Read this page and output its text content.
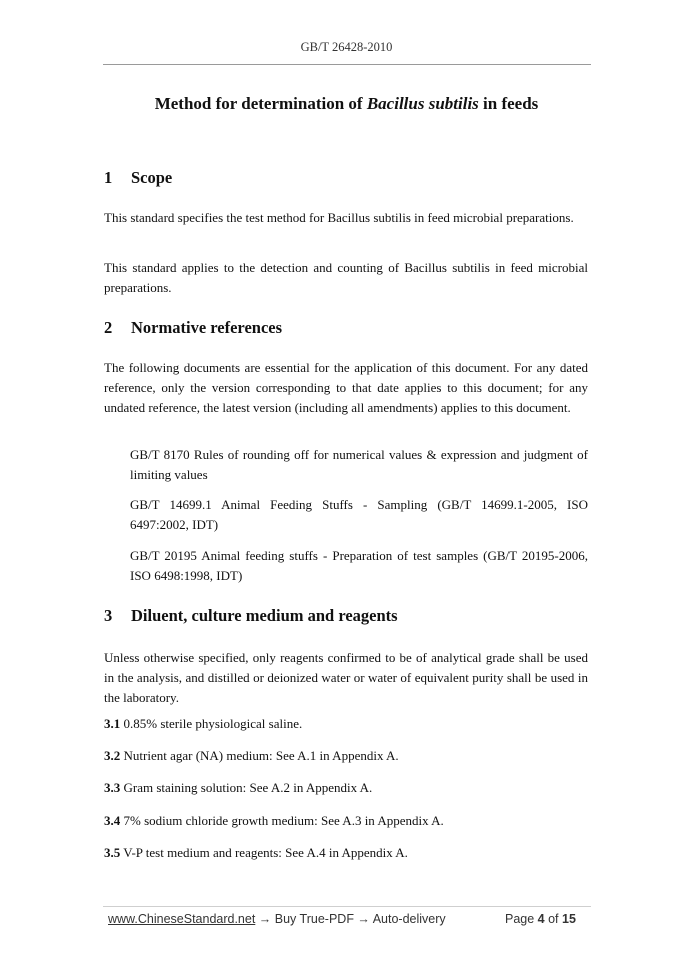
GB/T 26428-2010
Method for determination of Bacillus subtilis in feeds
1 Scope
This standard specifies the test method for Bacillus subtilis in feed microbial preparations.
This standard applies to the detection and counting of Bacillus subtilis in feed microbial preparations.
2 Normative references
The following documents are essential for the application of this document. For any dated reference, only the version corresponding to that date applies to this document; for any undated reference, the latest version (including all amendments) applies to this document.
GB/T 8170 Rules of rounding off for numerical values & expression and judgment of limiting values
GB/T 14699.1 Animal Feeding Stuffs - Sampling (GB/T 14699.1-2005, ISO 6497:2002, IDT)
GB/T 20195 Animal feeding stuffs - Preparation of test samples (GB/T 20195-2006, ISO 6498:1998, IDT)
3 Diluent, culture medium and reagents
Unless otherwise specified, only reagents confirmed to be of analytical grade shall be used in the analysis, and distilled or deionized water or water of equivalent purity shall be used in the laboratory.
3.1 0.85% sterile physiological saline.
3.2 Nutrient agar (NA) medium: See A.1 in Appendix A.
3.3 Gram staining solution: See A.2 in Appendix A.
3.4 7% sodium chloride growth medium: See A.3 in Appendix A.
3.5 V-P test medium and reagents: See A.4 in Appendix A.
www.ChineseStandard.net → Buy True-PDF → Auto-delivery	Page 4 of 15
